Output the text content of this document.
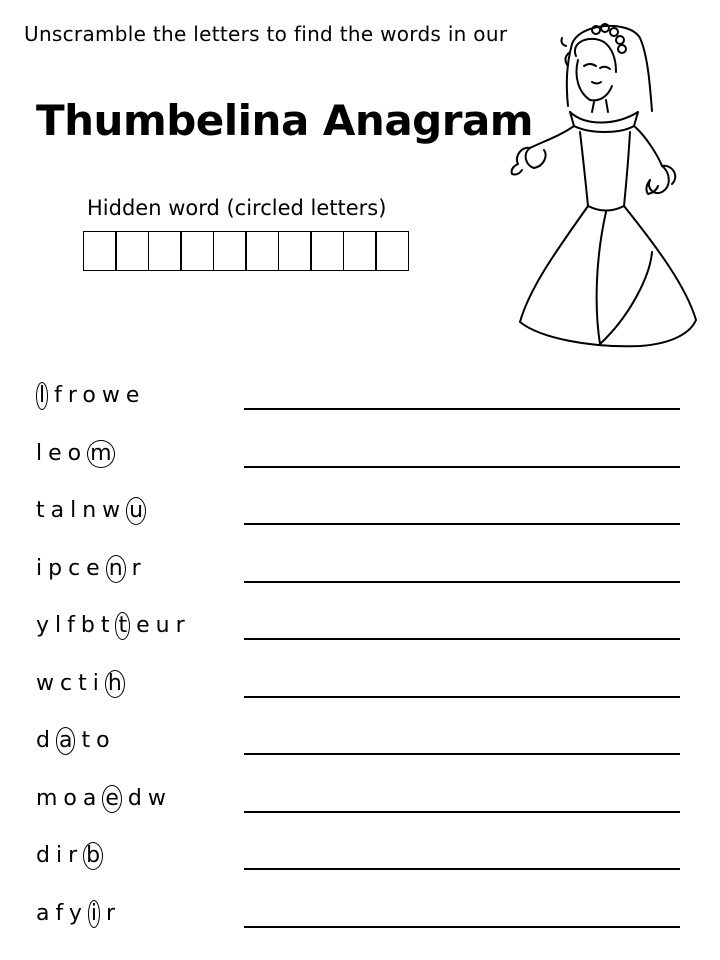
Unscramble the letters to find the words in our
Thumbelina Anagram
Hidden word (circled letters)
l frowe
leo m
talnw u
ipce n r
ylfbt t eur
wcti h
d a to
moa e dw
dir b
afy i r
